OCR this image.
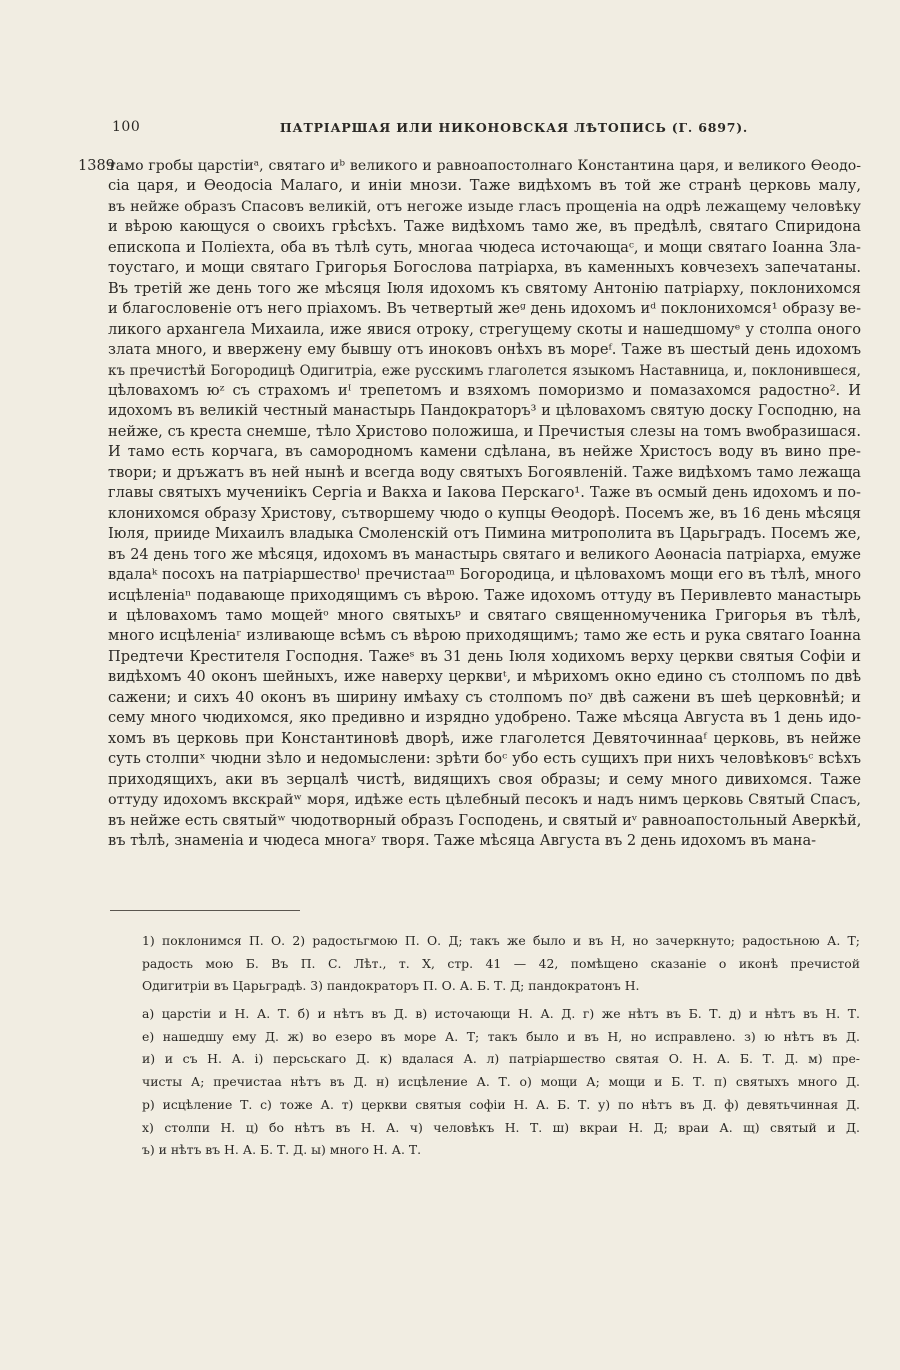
100	ПАТРІАРШАЯ ИЛИ НИКОНОВСКАЯ ЛѢТОПИСЬ (Г. 6897).
1389
тамо гробы царстіиᵃ, святаго иᵇ великого и равноапостолнаго Константина царя, и великого Ѳеодо-
сіа царя, и Ѳеодосіа Малаго, и иніи мнози. Таже видѣхомъ въ той же странѣ церковь малу,
въ нейже образъ Спасовъ великій, отъ негоже изыде гласъ прощеніа на одрѣ лежащему человѣку
и вѣрою кающуся о своихъ грѣсѣхъ. Таже видѣхомъ тамо же, въ предѣлѣ, святаго Спиридона
епископа и Поліехта, оба въ тѣлѣ суть, многаа чюдеса источающаᶜ, и мощи святаго Іоанна Зла-
тоустаго, и мощи святаго Григорья Богослова патріарха, въ каменныхъ ковчезехъ запечатаны.
Въ третій же день того же мѣсяця Іюля идохомъ къ святому Антонію патріарху, поклонихомся
и благословеніе отъ него пріахомъ. Въ четвертый жеᵍ день идохомъ иᵈ поклонихомся¹ образу ве-
ликого архангела Михаила, иже явися отроку, стрегущему скоты и нашедшомуᵉ у столпа оного
злата много, и ввержену ему бывшу отъ иноковъ онѣхъ въ мореᶠ. Таже въ шестый день идохомъ
къ пречистѣй Богородицѣ Одигитріа, еже русскимъ глаголется языкомъ Наставница, и, поклонившеся,
цѣловахомъ юᶻ съ страхомъ иᴵ трепетомъ и взяхомъ поморизмо и помазахомся радостно². И
идохомъ въ великій честный манастырь Пандократоръ³ и цѣловахомъ святую доску Господню, на
нейже, съ креста снемше, тѣло Христово положиша, и Пречистыя слезы на томъ вѡобразишася.
И тамо есть корчага, въ самородномъ камени сдѣлана, въ нейже Христосъ воду въ вино пре-
твори; и дръжатъ въ ней нынѣ и всегда воду святыхъ Богоявленій. Таже видѣхомъ тамо лежаща
главы святыхъ мучениікъ Сергіа и Вакха и Іакова Перскаго¹. Таже въ осмый день идохомъ и по-
клонихомся образу Христову, сътворшему чюдо о купцы Ѳеодорѣ. Посемъ же, въ 16 день мѣсяця
Іюля, прииде Михаилъ владыка Смоленскій отъ Пимина митрополита въ Царьградъ. Посемъ же,
въ 24 день того же мѣсяця, идохомъ въ манастырь святаго и великого Аѳонасіа патріарха, емуже
вдалаᵏ посохъ на патріаршествоˡ пречистааᵐ Богородица, и цѣловахомъ мощи его въ тѣлѣ, много
исцѣленіаⁿ подавающе приходящимъ съ вѣрою. Таже идохомъ оттуду въ Перивлевто манастырь
и цѣловахомъ тамо мощейᵒ много святыхъᵖ и святаго священномученика Григорья въ тѣлѣ,
много исцѣленіаʳ изливающе всѣмъ съ вѣрою приходящимъ; тамо же есть и рука святаго Іоанна
Предтечи Крестителя Господня. Тажеˢ въ 31 день Іюля ходихомъ верху церкви святыя Софіи и
видѣхомъ 40 оконъ шейныхъ, иже наверху церквиᵗ, и мѣрихомъ окно едино съ столпомъ по двѣ
сажени; и сихъ 40 оконъ въ ширину имѣаху съ столпомъ поʸ двѣ сажени въ шеѣ церковнѣй; и
сему много чюдихомся, яко предивно и изрядно удобрено. Таже мѣсяца Августа въ 1 день идо-
хомъ въ церковь при Константиновѣ дворѣ, иже глаголется Девяточиннааᶠ церковь, въ нейже
суть столпиˣ чюдни зѣло и недомыслени: зрѣти боᶜ убо есть сущихъ при нихъ человѣковъᶜ всѣхъ
приходящихъ, аки въ зерцалѣ чистѣ, видящихъ своя образы; и сему много дивихомся. Таже
оттуду идохомъ вкскрайʷ моря, идѣже есть цѣлебный песокъ и надъ нимъ церковь Святый Спасъ,
въ нейже есть святыйʷ чюдотворный образъ Господень, и святый иᵛ равноапостольный Аверкѣй,
въ тѣлѣ, знаменіа и чюдеса многаʸ творя. Таже мѣсяца Августа въ 2 день идохомъ въ мана-
1) поклонимся П. О. 2) радостьгмою П. О. Д; такъ же было и въ Н, но зачеркнуто; радостьною А. Т;
радость мою Б. Въ П. С. Лѣт., т. X, стр. 41 — 42, помѣщено сказаніе о иконѣ пречистой
Одигитріи въ Царьградѣ. 3) пандократоръ П. О. А. Б. Т. Д; пандократонъ Н.
а) царстіи и Н. А. Т. б) и нѣтъ въ Д. в) источающи Н. А. Д. г) же нѣтъ въ Б. Т. д) и нѣтъ въ Н. Т.
е) нашедшу ему Д. ж) во езеро въ море А. Т; такъ было и въ Н, но исправлено. з) ю нѣтъ въ Д.
и) и съ Н. А. і) персьскаго Д. к) вдалася А. л) патріаршество святая О. Н. А. Б. Т. Д. м) пре-
чисты А; пречистаа нѣтъ въ Д. н) исцѣление А. Т. о) мощи А; мощи и Б. Т. п) святыхъ много Д.
р) исцѣление Т. с) тоже А. т) церкви святыя софіи Н. А. Б. Т. у) по нѣтъ въ Д. ф) девятьчинная Д.
х) столпи Н. ц) бо нѣтъ въ Н. А. ч) человѣкъ Н. Т. ш) вкраи Н. Д; враи А. щ) святый и Д.
ъ) и нѣтъ въ Н. А. Б. Т. Д. ы) много Н. А. Т.
